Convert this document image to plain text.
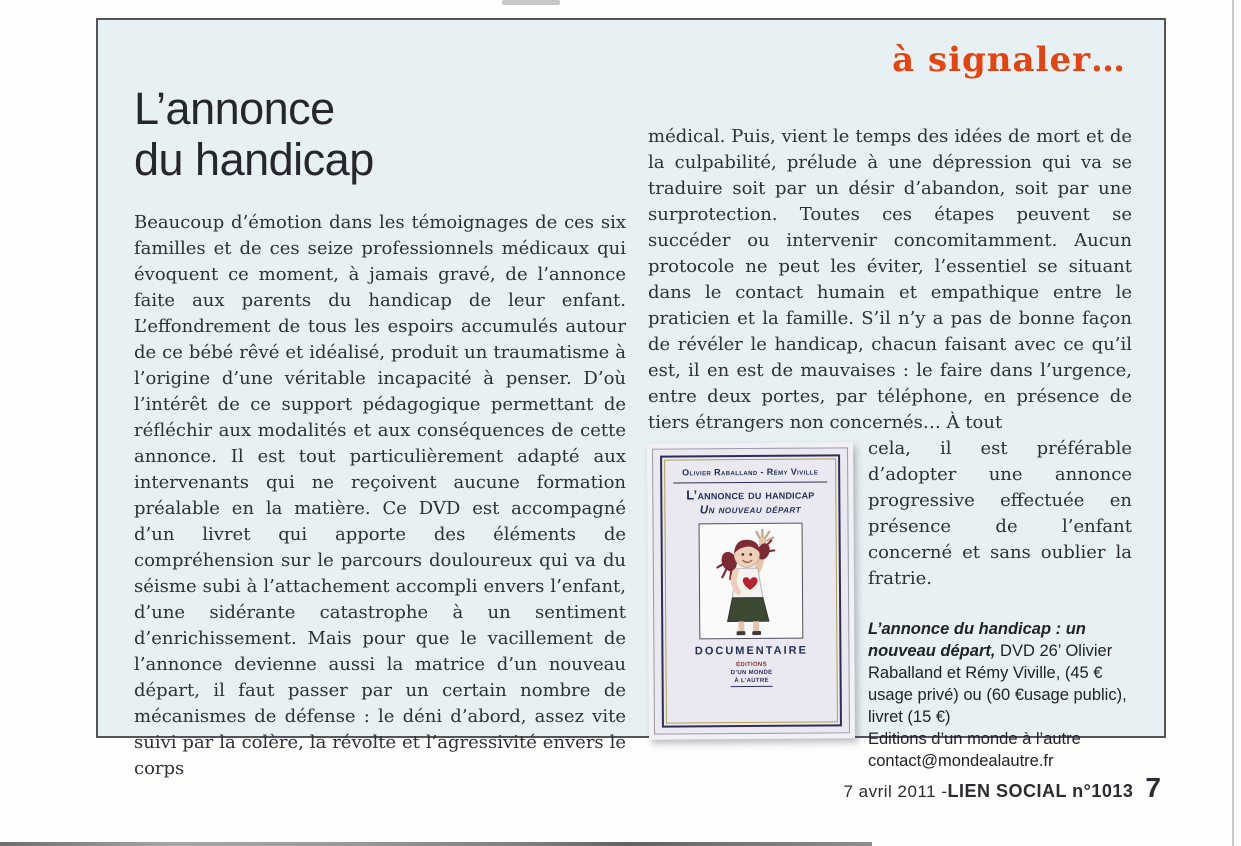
à signaler…
L’annonce
du handicap

Beaucoup d’émotion dans les témoignages de ces six familles et de ces seize professionnels médicaux qui évoquent ce moment, à jamais gravé, de l’annonce faite aux parents du handicap de leur enfant. L’effondrement de tous les espoirs accumulés autour de ce bébé rêvé et idéalisé, produit un traumatisme à l’origine d’une véritable incapacité à penser. D’où l’intérêt de ce support pédagogique permettant de réfléchir aux modalités et aux conséquences de cette annonce. Il est tout particulièrement adapté aux intervenants qui ne reçoivent aucune formation préalable en la matière. Ce DVD est accompagné d’un livret qui apporte des éléments de compréhension sur le parcours douloureux qui va du séisme subi à l’attachement accompli envers l’enfant, d’une sidérante catastrophe à un sentiment d’enrichissement. Mais pour que le vacillement de l’annonce devienne aussi la matrice d’un nouveau départ, il faut passer par un certain nombre de mécanismes de défense : le déni d’abord, assez vite suivi par la colère, la révolte et l’agressivité envers le corps

médical. Puis, vient le temps des idées de mort et de la culpabilité, prélude à une dépression qui va se traduire soit par un désir d’abandon, soit par une surprotection. Toutes ces étapes peuvent se succéder ou intervenir concomitamment. Aucun protocole ne peut les éviter, l’essentiel se situant dans le contact humain et empathique entre le praticien et la famille. S’il n’y a pas de bonne façon de révéler le handicap, chacun faisant avec ce qu’il est, il en est de mauvaises : le faire dans l’urgence, entre deux portes, par téléphone, en présence de tiers étrangers non concernés… À tout

Olivier Raballand - Rémy Viville
L’annonce du handicap
Un nouveau départ
DOCUMENTAIRE
ÉDITIONS
D’UN MONDE
À L’AUTRE

cela, il est préférable d’adopter une annonce progressive effectuée en présence de l’enfant concerné et sans oublier la fratrie.

L’annonce du handicap : un nouveau départ, DVD 26’ Olivier Raballand et Rémy Viville, (45 € usage privé) ou (60 €usage public), livret (15 €)
Editions d’un monde à l’autre
contact@mondealautre.fr
7 avril 2011 - LIEN SOCIAL n°1013 7
